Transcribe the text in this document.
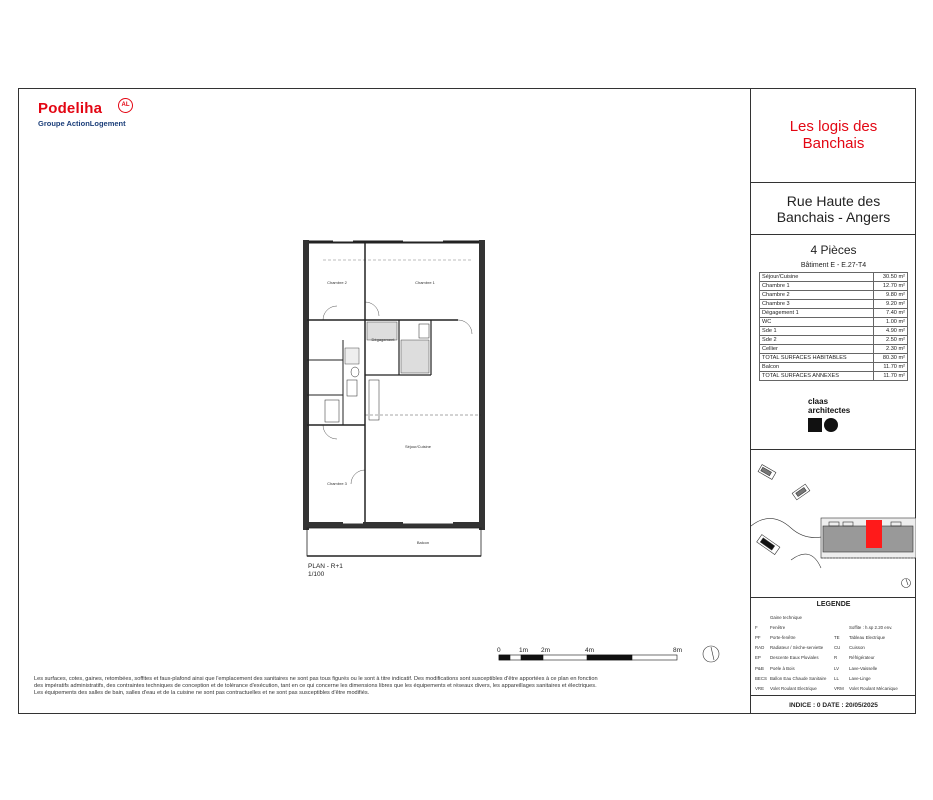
Podeliha	AL
Groupe ActionLogement	Les logis des
Banchais
Rue Haute des
Banchais - Angers
4 Pièces
Bâtiment E - E.27-T4
Séjour/Cuisine	30.50 m²
Chambre 1	12.70 m²
Chambre 2	9.80 m²
Chambre 3	9.20 m²
Dégagement 1	7.40 m²
WC	1.00 m²
Sde 1	4.90 m²
Sde 2	2.50 m²
Cellier	2.30 m²
TOTAL SURFACES HABITABLES	80.30 m²
Balcon	11.70 m²
TOTAL SURFACES ANNEXES	11.70 m²
claas
architectes
LEGENDE
Gaine technique
F	Fenêtre	Soffite : h.sp 2.20 env.
PF	Porte-fenêtre	TE	Tableau Electrique
RAD	Radiateur / Sèche-serviette	CU	Cuisson
EP	Descente Eaux Pluviales	R	Réfrigérateur
P&B	Poële à Bois	LV	Lave-Vaisselle
BECS Ballon Eau Chaude Sanitaire	LL	Lave-Linge
VRE	Volet Roulant Electrique	VRM	Volet Roulant Mécanique
INDICE : 0 DATE : 20/05/2025
Chambre 2	Chambre 1
Dégagement
Séjour/Cuisine
Chambre 3
Balcon
PLAN - R+1
1/100
0	1m 2m	4m	8m
Les surfaces, cotes, gaines, retombées, soffites et faux-plafond ainsi que l'emplacement des sanitaires ne sont pas tous figurés ou le sont à titre indicatif. Des modifications sont susceptibles d'être apportées à ce plan en fonction
des impératifs administratifs, des contraintes techniques de conception et de tolérance d'exécution, tant en ce qui concerne les dimensions libres que les équipements et réseaux divers, les appareillages sanitaires et électriques.
Les équipements des salles de bain, salles d'eau et de la cuisine ne sont pas contractuelles et ne sont pas susceptibles d'être modifiés.
